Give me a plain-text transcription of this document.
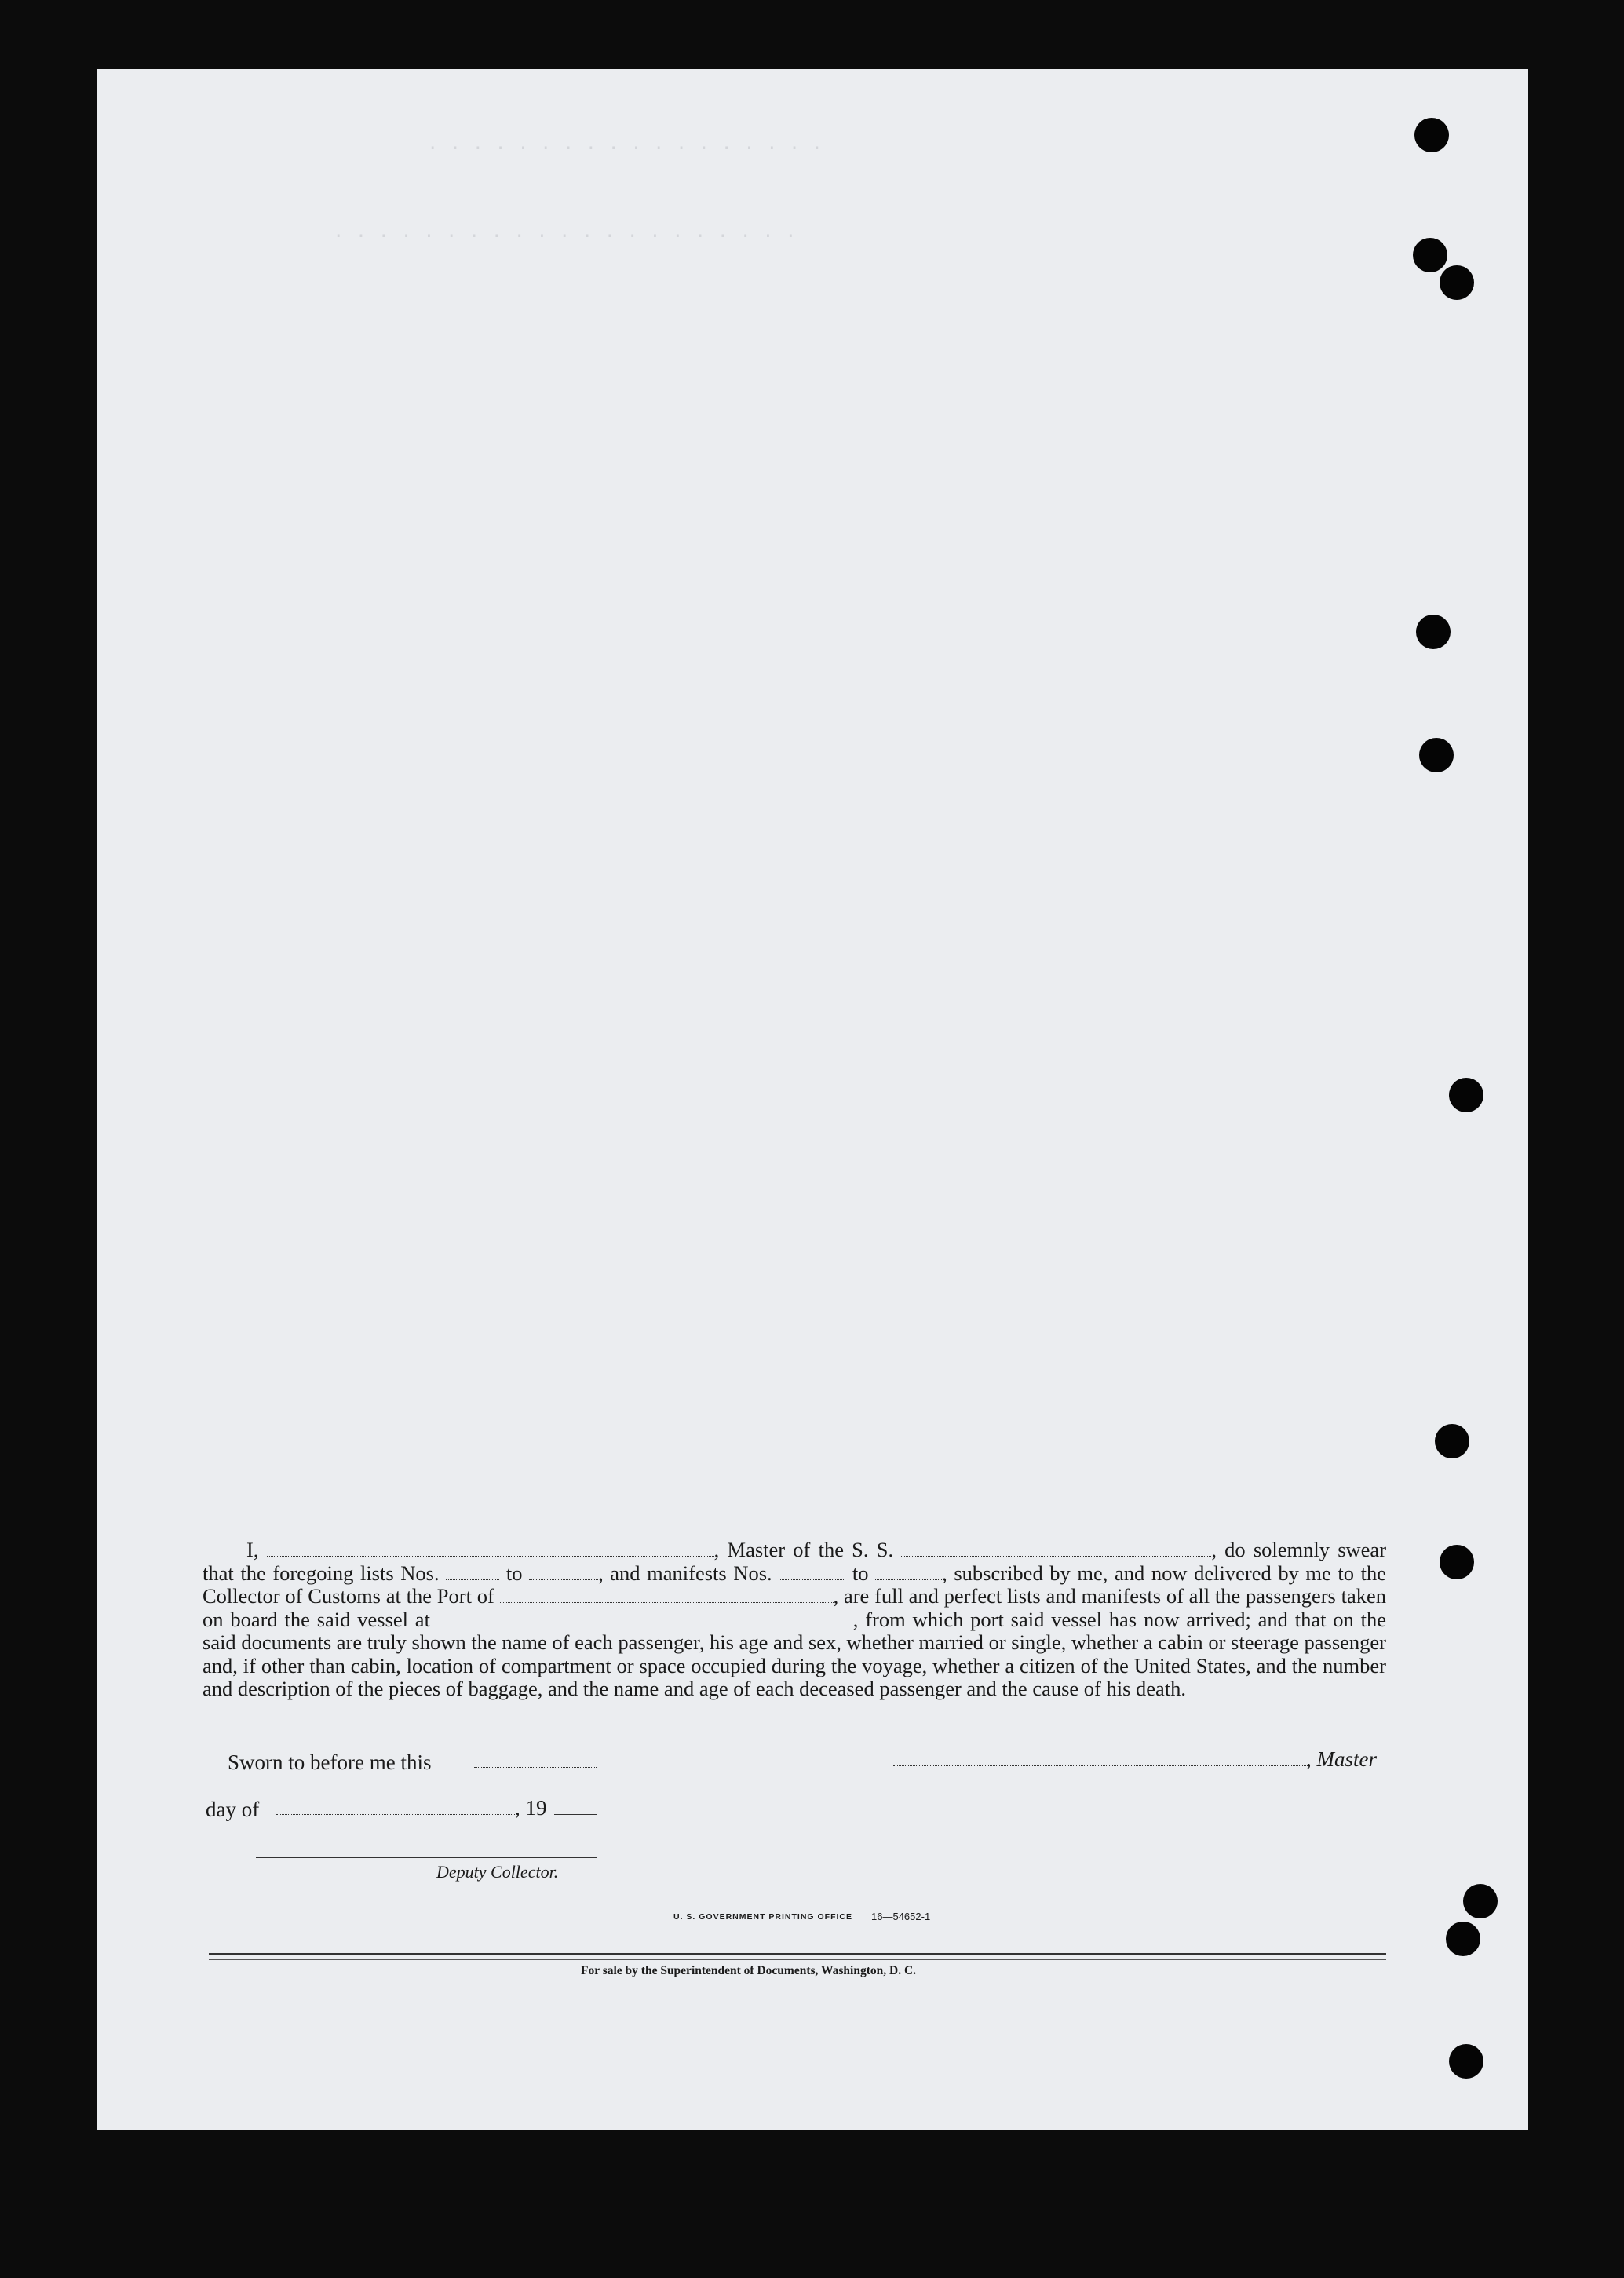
· · · · · · · · · · · · · · · · · ·
· · · · · · · · · · · · · · · · · · · · ·

I,	, Master of the S. S.	, do solemnly swear that the foregoing lists Nos.	to	, and manifests Nos.	to	, subscribed by me, and now delivered by me to the Collector of Customs at the Port of	, are full and perfect lists and manifests of all the passengers taken on board the said vessel at	, from which port said vessel has now arrived; and that on the said documents are truly shown the name of each passenger, his age and sex, whether married or single, whether a cabin or steerage passenger and, if other than cabin, location of compartment or space occupied during the voyage, whether a citizen of the United States, and the number and description of the pieces of baggage, and the name and age of each deceased passenger and the cause of his death.

Sworn to before me this	, Master
day of	, 19
Deputy Collector.
U. S. GOVERNMENT PRINTING OFFICE 16—54652-1
For sale by the Superintendent of Documents, Washington, D. C.
